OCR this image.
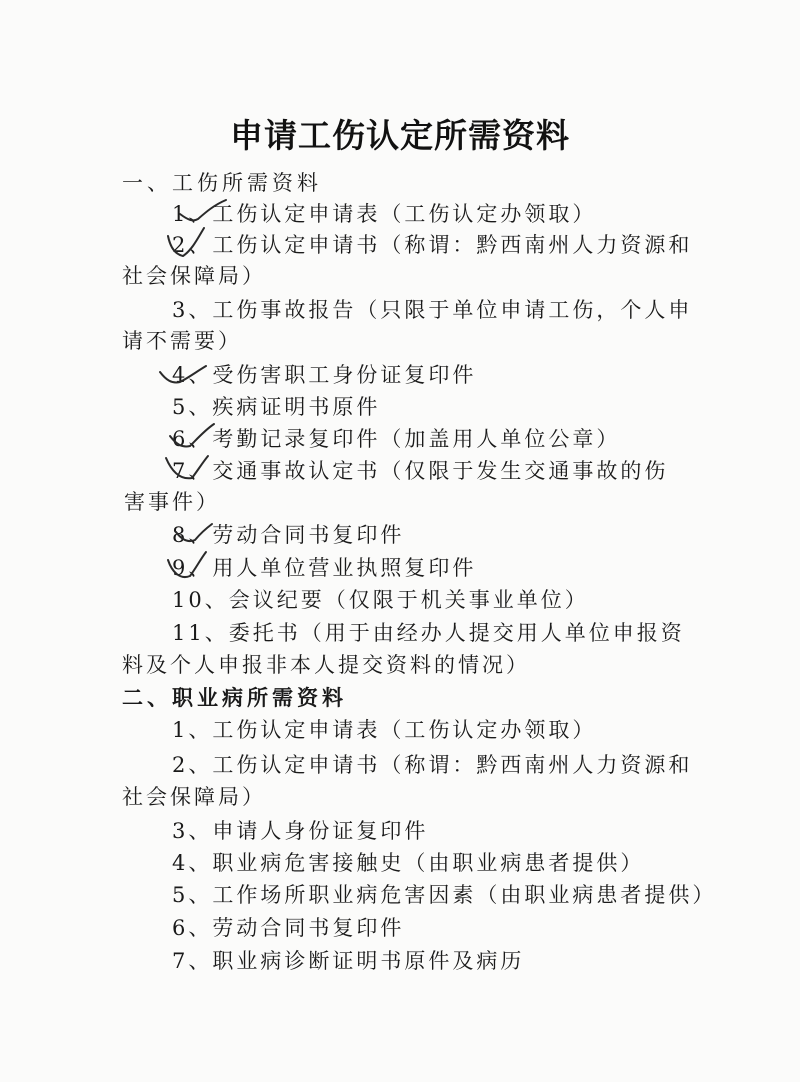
申请工伤认定所需资料
一、工伤所需资料
1、工伤认定申请表（工伤认定办领取）
2、工伤认定申请书（称谓：黔西南州人力资源和
社会保障局）
3、工伤事故报告（只限于单位申请工伤，个人申
请不需要）
4、受伤害职工身份证复印件
5、疾病证明书原件
6、考勤记录复印件（加盖用人单位公章）
7、交通事故认定书（仅限于发生交通事故的伤
害事件）
8、劳动合同书复印件
9、用人单位营业执照复印件
10、会议纪要（仅限于机关事业单位）
11、委托书（用于由经办人提交用人单位申报资
料及个人申报非本人提交资料的情况）
二、职业病所需资料
1、工伤认定申请表（工伤认定办领取）
2、工伤认定申请书（称谓：黔西南州人力资源和
社会保障局）
3、申请人身份证复印件
4、职业病危害接触史（由职业病患者提供）
5、工作场所职业病危害因素（由职业病患者提供）
6、劳动合同书复印件
7、职业病诊断证明书原件及病历
